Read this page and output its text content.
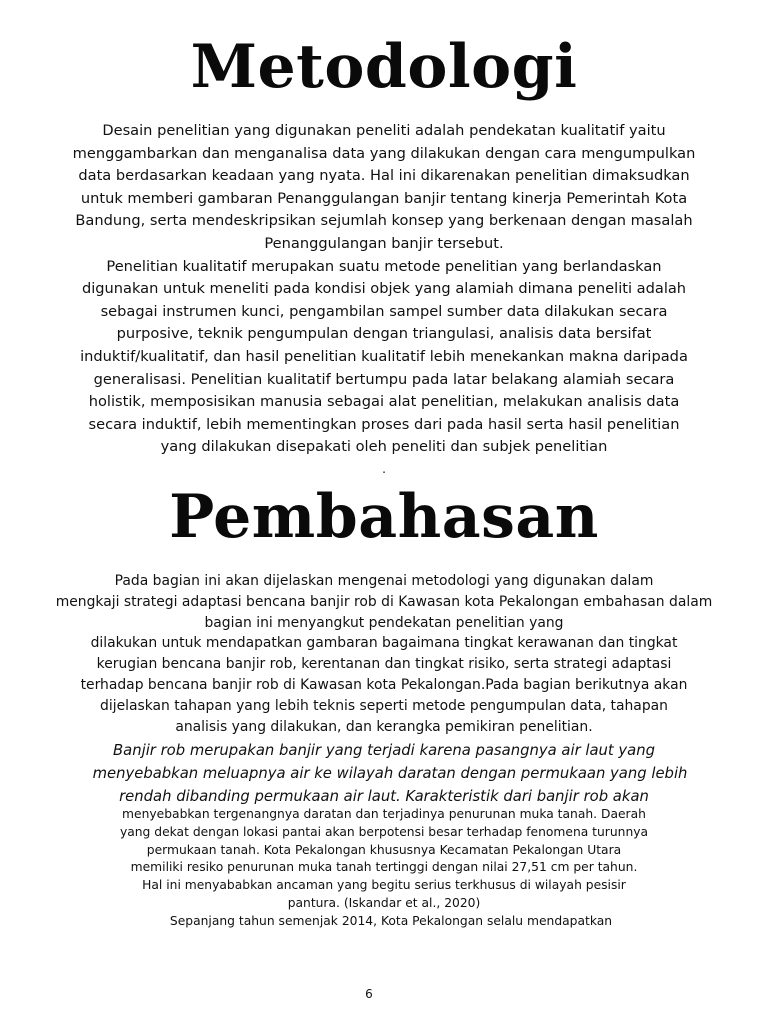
Metodologi
Desain penelitian yang digunakan peneliti adalah pendekatan kualitatif yaitu
menggambarkan dan menganalisa data yang dilakukan dengan cara mengumpulkan
data berdasarkan keadaan yang nyata. Hal ini dikarenakan penelitian dimaksudkan
untuk memberi gambaran Penanggulangan banjir tentang kinerja Pemerintah Kota
Bandung, serta mendeskripsikan sejumlah konsep yang berkenaan dengan masalah
Penanggulangan banjir tersebut.
Penelitian kualitatif merupakan suatu metode penelitian yang berlandaskan
digunakan untuk meneliti pada kondisi objek yang alamiah dimana peneliti adalah
sebagai instrumen kunci, pengambilan sampel sumber data dilakukan secara
purposive, teknik pengumpulan dengan triangulasi, analisis data bersifat
induktif/kualitatif, dan hasil penelitian kualitatif lebih menekankan makna daripada
generalisasi. Penelitian kualitatif bertumpu pada latar belakang alamiah secara
holistik, memposisikan manusia sebagai alat penelitian, melakukan analisis data
secara induktif, lebih mementingkan proses dari pada hasil serta hasil penelitian
yang dilakukan disepakati oleh peneliti dan subjek penelitian
.
Pembahasan
Pada bagian ini akan dijelaskan mengenai metodologi yang digunakan dalam
mengkaji strategi adaptasi bencana banjir rob di Kawasan kota Pekalongan embahasan dalam
bagian ini menyangkut pendekatan penelitian yang
dilakukan untuk mendapatkan gambaran bagaimana tingkat kerawanan dan tingkat
kerugian bencana banjir rob, kerentanan dan tingkat risiko, serta strategi adaptasi
terhadap bencana banjir rob di Kawasan kota Pekalongan.Pada bagian berikutnya akan
dijelaskan tahapan yang lebih teknis seperti metode pengumpulan data, tahapan
analisis yang dilakukan, dan kerangka pemikiran penelitian.
Banjir rob merupakan banjir yang terjadi karena pasangnya air laut yang
menyebabkan meluapnya air ke wilayah daratan dengan permukaan yang lebih
rendah dibanding permukaan air laut. Karakteristik dari banjir rob akan
menyebabkan tergenangnya daratan dan terjadinya penurunan muka tanah. Daerah
yang dekat dengan lokasi pantai akan berpotensi besar terhadap fenomena turunnya
permukaan tanah. Kota Pekalongan khususnya Kecamatan Pekalongan Utara
memiliki resiko penurunan muka tanah tertinggi dengan nilai 27,51 cm per tahun.
Hal ini menyababkan ancaman yang begitu serius terkhusus di wilayah pesisir
pantura. (Iskandar et al., 2020)
Sepanjang tahun semenjak 2014, Kota Pekalongan selalu mendapatkan
6
